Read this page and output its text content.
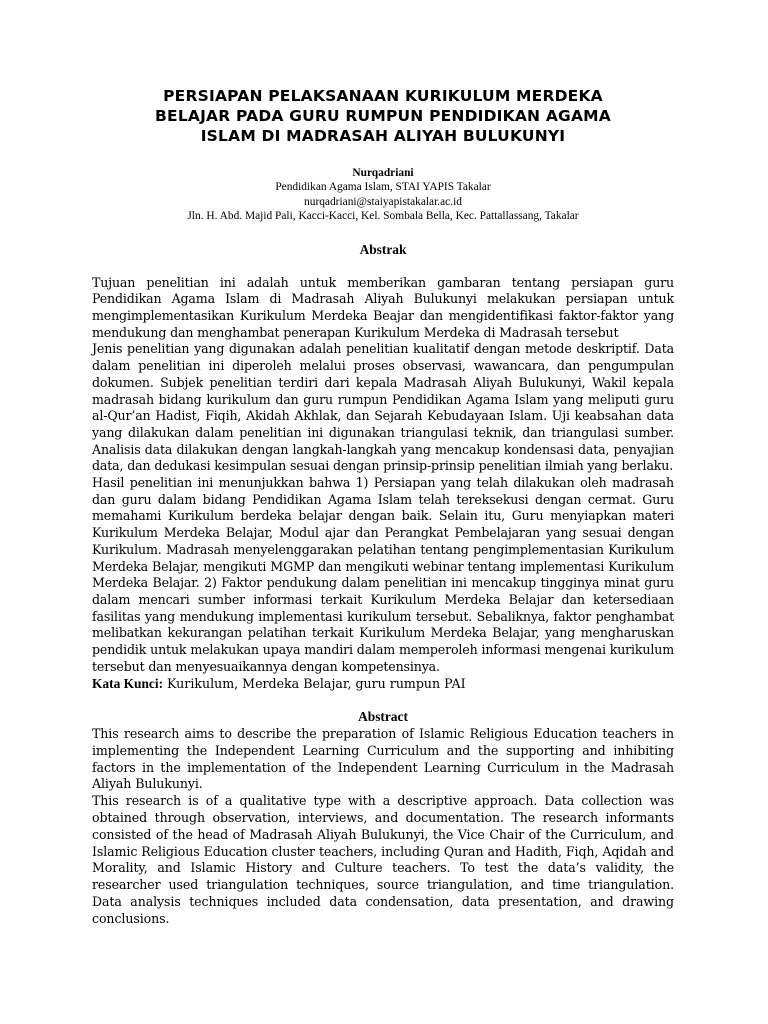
PERSIAPAN PELAKSANAAN KURIKULUM MERDEKA
BELAJAR PADA GURU RUMPUN PENDIDIKAN AGAMA
ISLAM DI MADRASAH ALIYAH BULUKUNYI
Nurqadriani
Pendidikan Agama Islam, STAI YAPIS Takalar
nurqadriani@staiyapistakalar.ac.id
Jln. H. Abd. Majid Pali, Kacci-Kacci, Kel. Sombala Bella, Kec. Pattallassang, Takalar
Abstrak

Tujuan penelitian ini adalah untuk memberikan gambaran tentang persiapan guru Pendidikan Agama Islam di Madrasah Aliyah Bulukunyi melakukan persiapan untuk mengimplementasikan Kurikulum Merdeka Beajar dan mengidentifikasi faktor-faktor yang mendukung dan menghambat penerapan Kurikulum Merdeka di Madrasah tersebut

Jenis penelitian yang digunakan adalah penelitian kualitatif dengan metode deskriptif. Data dalam penelitian ini diperoleh melalui proses observasi, wawancara, dan pengumpulan dokumen. Subjek penelitian terdiri dari kepala Madrasah Aliyah Bulukunyi, Wakil kepala madrasah bidang kurikulum dan guru rumpun Pendidikan Agama Islam yang meliputi guru al-Qur’an Hadist, Fiqih, Akidah Akhlak, dan Sejarah Kebudayaan Islam. Uji keabsahan data yang dilakukan dalam penelitian ini digunakan triangulasi teknik, dan triangulasi sumber. Analisis data dilakukan dengan langkah-langkah yang mencakup kondensasi data, penyajian data, dan dedukasi kesimpulan sesuai dengan prinsip-prinsip penelitian ilmiah yang berlaku.

Hasil penelitian ini menunjukkan bahwa 1) Persiapan yang telah dilakukan oleh madrasah dan guru dalam bidang Pendidikan Agama Islam telah tereksekusi dengan cermat. Guru memahami Kurikulum berdeka belajar dengan baik. Selain itu, Guru menyiapkan materi Kurikulum Merdeka Belajar, Modul ajar dan Perangkat Pembelajaran yang sesuai dengan Kurikulum. Madrasah menyelenggarakan pelatihan tentang pengimplementasian Kurikulum Merdeka Belajar, mengikuti MGMP dan mengikuti webinar tentang implementasi Kurikulum Merdeka Belajar. 2) Faktor pendukung dalam penelitian ini mencakup tingginya minat guru dalam mencari sumber informasi terkait Kurikulum Merdeka Belajar dan ketersediaan fasilitas yang mendukung implementasi kurikulum tersebut. Sebaliknya, faktor penghambat melibatkan kekurangan pelatihan terkait Kurikulum Merdeka Belajar, yang mengharuskan pendidik untuk melakukan upaya mandiri dalam memperoleh informasi mengenai kurikulum tersebut dan menyesuaikannya dengan kompetensinya.

Kata Kunci: Kurikulum, Merdeka Belajar, guru rumpun PAI

Abstract

This research aims to describe the preparation of Islamic Religious Education teachers in implementing the Independent Learning Curriculum and the supporting and inhibiting factors in the implementation of the Independent Learning Curriculum in the Madrasah Aliyah Bulukunyi.

This research is of a qualitative type with a descriptive approach. Data collection was obtained through observation, interviews, and documentation. The research informants consisted of the head of Madrasah Aliyah Bulukunyi, the Vice Chair of the Curriculum, and Islamic Religious Education cluster teachers, including Quran and Hadith, Fiqh, Aqidah and Morality, and Islamic History and Culture teachers. To test the data’s validity, the researcher used triangulation techniques, source triangulation, and time triangulation. Data analysis techniques included data condensation, data presentation, and drawing conclusions.
